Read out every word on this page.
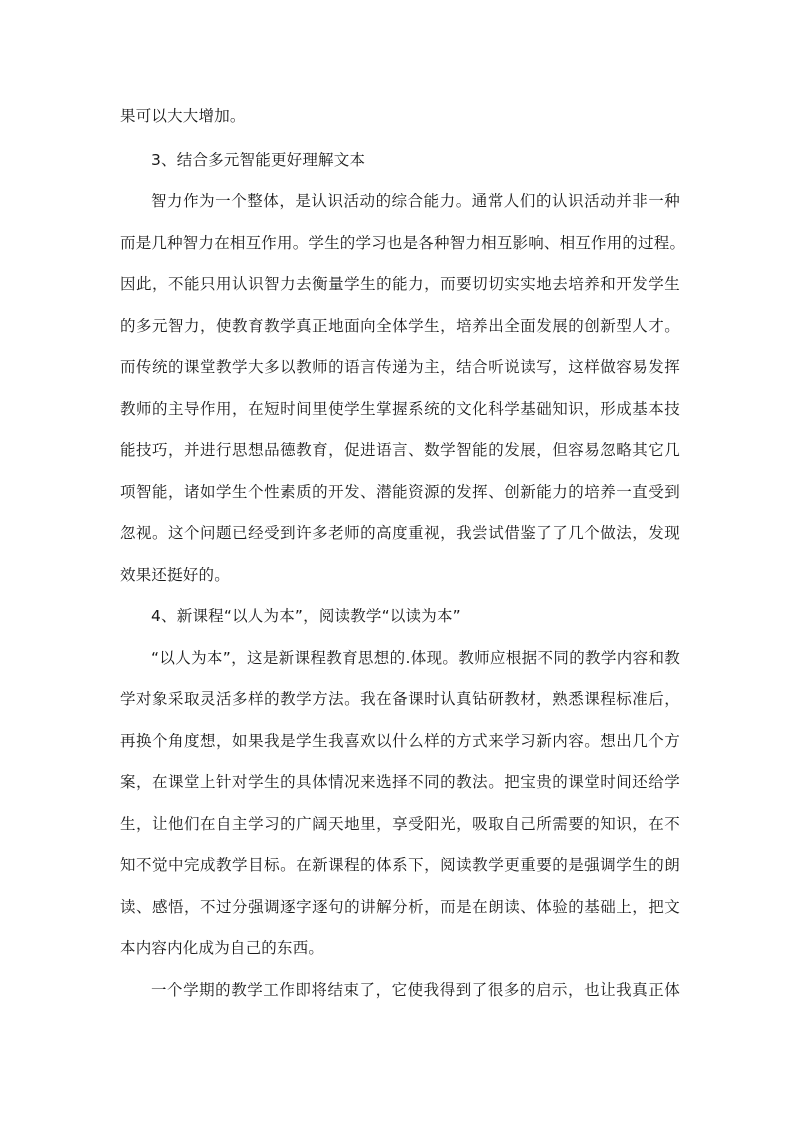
果可以大大增加。
3、结合多元智能更好理解文本
智力作为一个整体，是认识活动的综合能力。通常人们的认识活动并非一种
而是几种智力在相互作用。学生的学习也是各种智力相互影响、相互作用的过程。
因此，不能只用认识智力去衡量学生的能力，而要切切实实地去培养和开发学生
的多元智力，使教育教学真正地面向全体学生，培养出全面发展的创新型人才。
而传统的课堂教学大多以教师的语言传递为主，结合听说读写，这样做容易发挥
教师的主导作用，在短时间里使学生掌握系统的文化科学基础知识，形成基本技
能技巧，并进行思想品德教育，促进语言、数学智能的发展，但容易忽略其它几
项智能，诸如学生个性素质的开发、潜能资源的发挥、创新能力的培养一直受到
忽视。这个问题已经受到许多老师的高度重视，我尝试借鉴了了几个做法，发现
效果还挺好的。
4、新课程“以人为本”，阅读教学“以读为本”
“以人为本”，这是新课程教育思想的.体现。教师应根据不同的教学内容和教
学对象采取灵活多样的教学方法。我在备课时认真钻研教材，熟悉课程标准后，
再换个角度想，如果我是学生我喜欢以什么样的方式来学习新内容。想出几个方
案，在课堂上针对学生的具体情况来选择不同的教法。把宝贵的课堂时间还给学
生，让他们在自主学习的广阔天地里，享受阳光，吸取自己所需要的知识，在不
知不觉中完成教学目标。在新课程的体系下，阅读教学更重要的是强调学生的朗
读、感悟，不过分强调逐字逐句的讲解分析，而是在朗读、体验的基础上，把文
本内容内化成为自己的东西。
一个学期的教学工作即将结束了，它使我得到了很多的启示，也让我真正体
